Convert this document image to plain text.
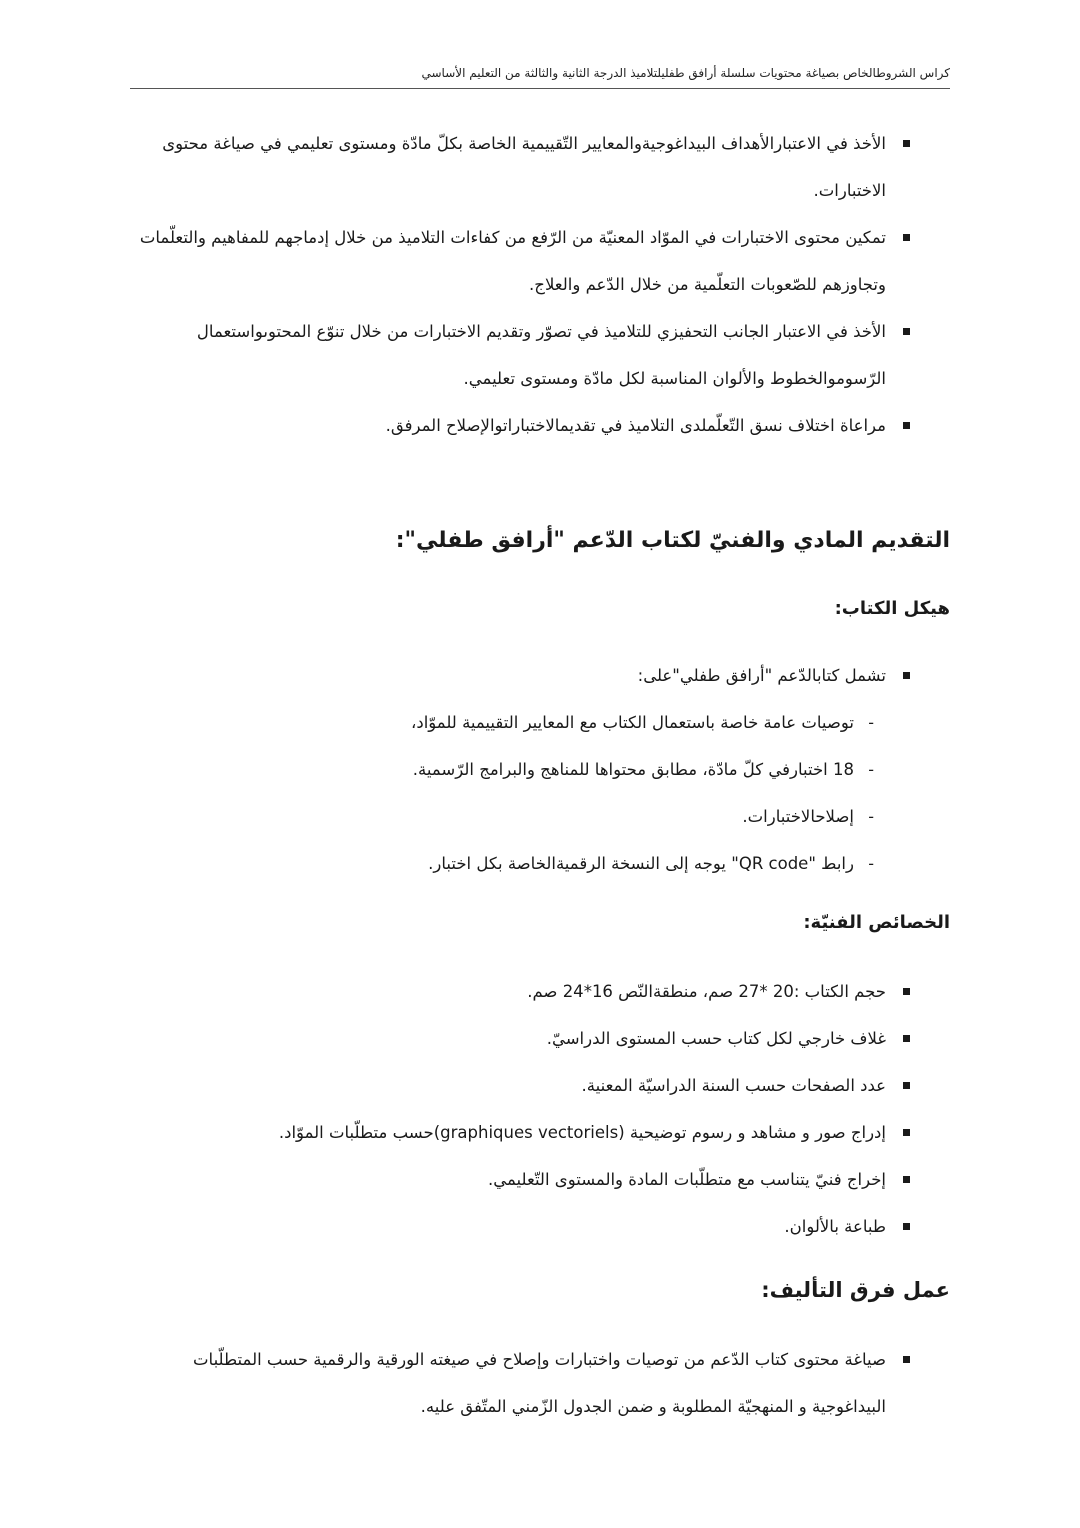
كراس الشروطالخاص بصياغة محتويات سلسلة أرافق طفليلتلاميذ الدرجة الثانية والثالثة من التعليم الأساسي
الأخذ في الاعتبارالأهداف البيداغوجيةوالمعايير التّقييمية الخاصة بكلّ مادّة ومستوى تعليمي في صياغة محتوى الاختبارات.
تمكين محتوى الاختبارات في الموّاد المعنيّة من الرّفع من كفاءات التلاميذ من خلال إدماجهم للمفاهيم والتعلّمات وتجاوزهم للصّعوبات التعلّمية من خلال الدّعم والعلاج.
الأخذ في الاعتبار الجانب التحفيزي للتلاميذ في تصوّر وتقديم الاختبارات من خلال تنوّع المحتوىواستعمال الرّسوموالخطوط والألوان المناسبة لكل مادّة ومستوى تعليمي.
مراعاة اختلاف نسق التّعلّملدى التلاميذ في تقديمالاختباراتوالإصلاح المرفق.
التقديم المادي والفنيّ لكتاب الدّعم "أرافق طفلي":
هيكل الكتاب:
تشمل كتابالدّعم "أرافق طفلي"على:
-
توصيات عامة خاصة باستعمال الكتاب مع المعايير التقييمية للموّاد،
-
18 اختبارفي كلّ مادّة، مطابق محتواها للمناهج والبرامج الرّسمية.
-
إصلاحالاختبارات.
-
رابط "QR code" يوجه إلى النسخة الرقميةالخاصة بكل اختبار.
الخصائص الفنيّة:
حجم الكتاب :20 *27 صم، منطقةالنّص 16*24 صم.
غلاف خارجي لكل كتاب حسب المستوى الدراسيّ.
عدد الصفحات حسب السنة الدراسيّة المعنية.
إدراج صور و مشاهد و رسوم توضيحية (graphiques vectoriels)حسب متطلّبات الموّاد.
إخراج فنيّ يتناسب مع متطلّبات المادة والمستوى التّعليمي.
طباعة بالألوان.
عمل فرق التأليف:
صياغة محتوى كتاب الدّعم من توصيات واختبارات وإصلاح في صيغته الورقية والرقمية حسب المتطلّبات البيداغوجية و المنهجيّة المطلوبة و ضمن الجدول الزّمني المتّفق عليه.
